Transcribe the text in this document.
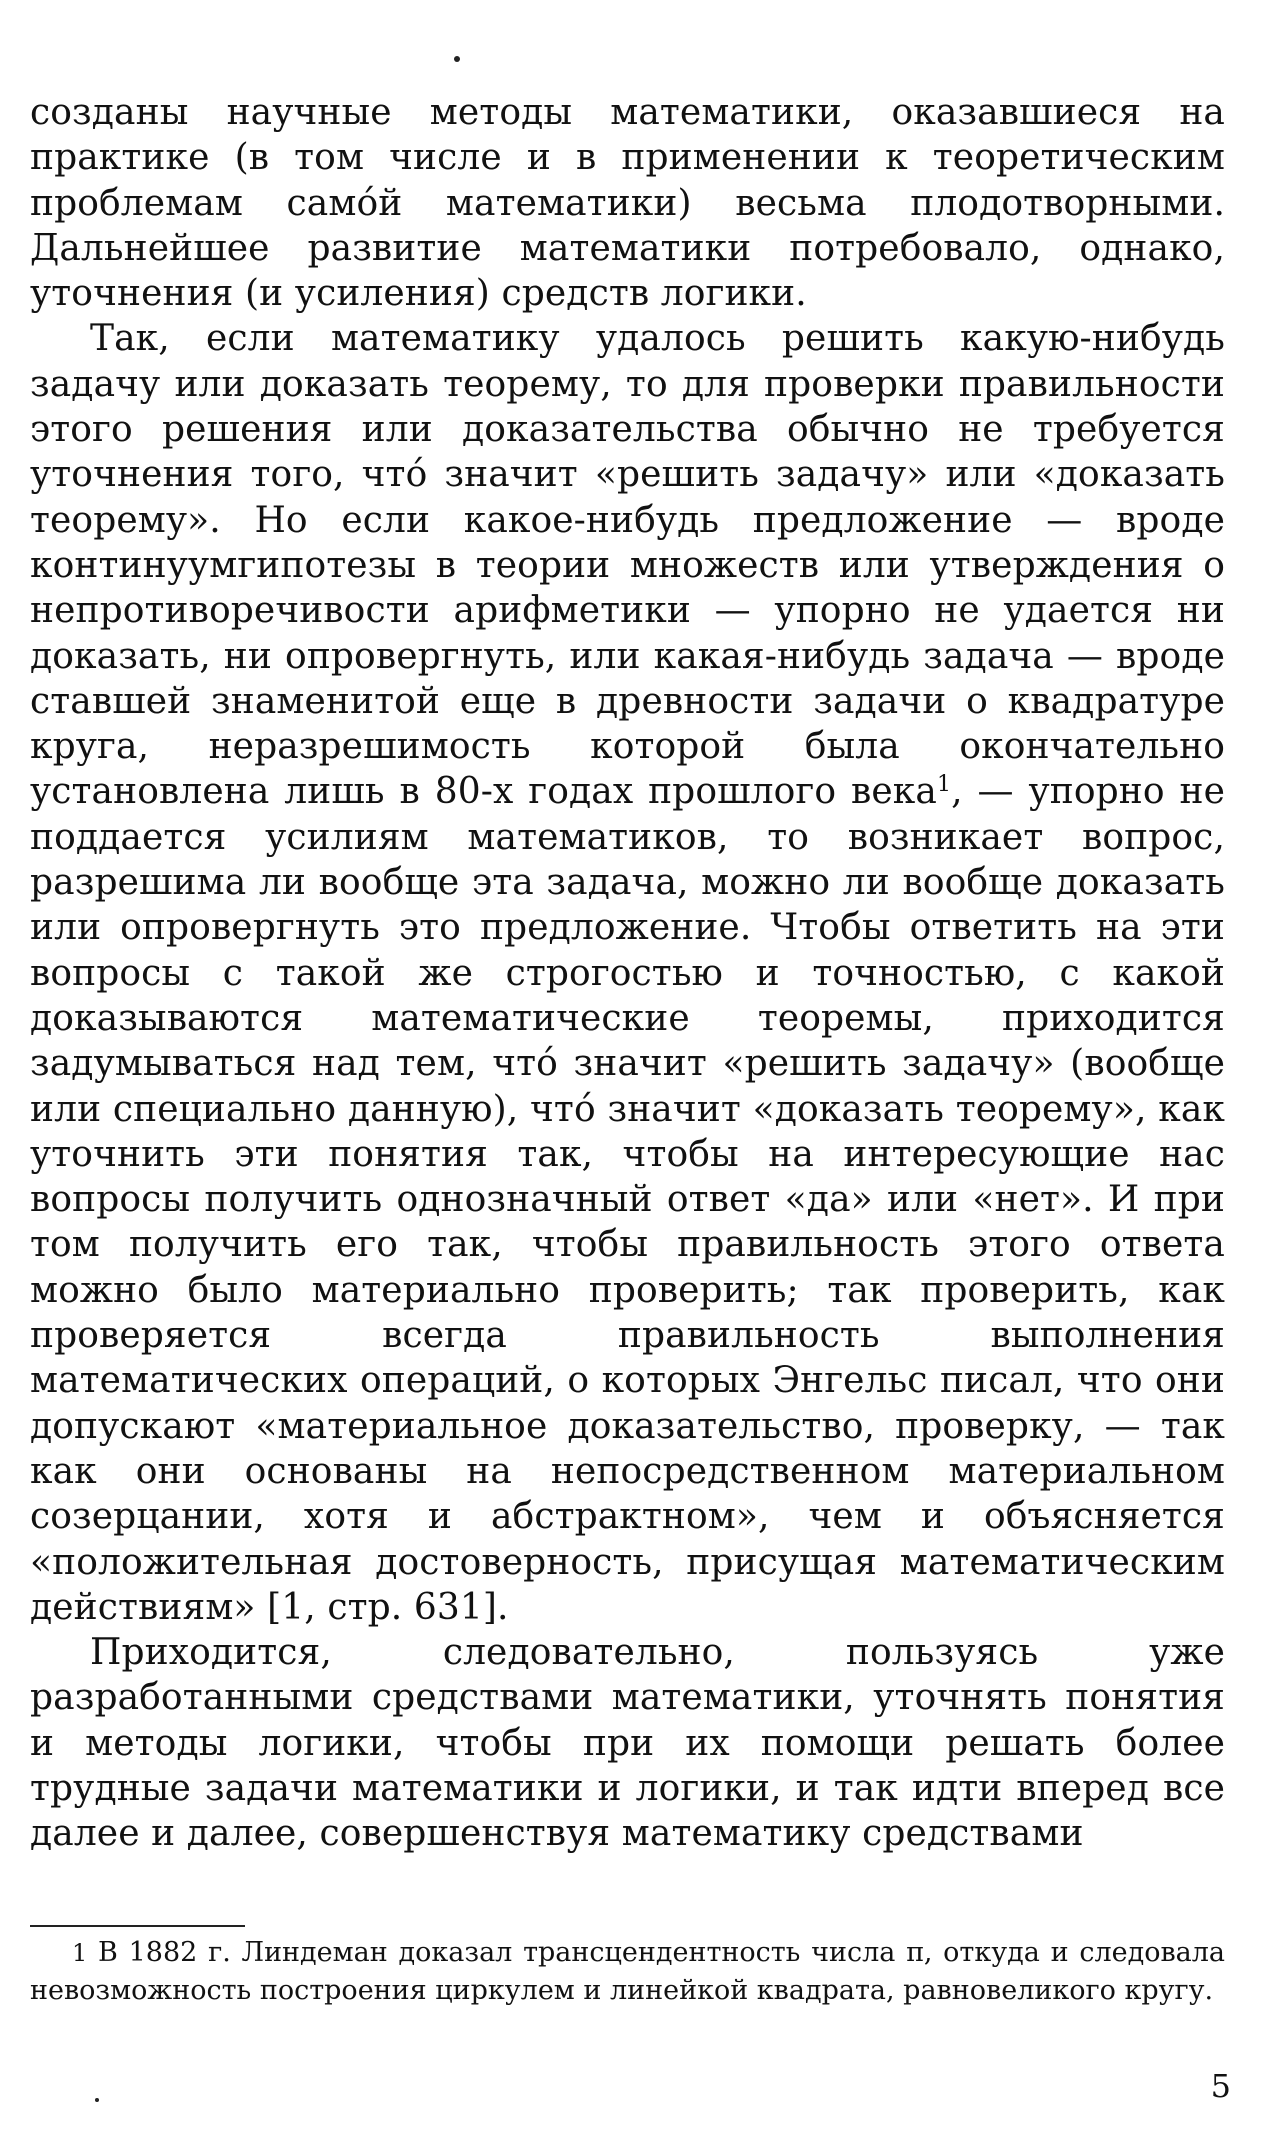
созданы научные методы математики, оказавшиеся на практике (в том числе и в применении к теоретическим проблемам самóй математики) весьма плодотворными. Дальнейшее развитие математики потребовало, однако, уточнения (и усиления) средств логики.

Так, если математику удалось решить какую-нибудь задачу или доказать теорему, то для проверки правильности этого решения или доказательства обычно не требуется уточнения того, чтó значит «решить задачу» или «доказать теорему». Но если какое-нибудь предложение — вроде континуумгипотезы в теории множеств или утверждения о непротиворечивости арифметики — упорно не удается ни доказать, ни опровергнуть, или какая-нибудь задача — вроде ставшей знаменитой еще в древности задачи о квадратуре круга, неразрешимость которой была окончательно установлена лишь в 80-х годах прошлого века$^1$, — упорно не поддается усилиям математиков, то возникает вопрос, разрешима ли вообще эта задача, можно ли вообще доказать или опровергнуть это предложение. Чтобы ответить на эти вопросы с такой же строгостью и точностью, с какой доказываются математические теоремы, приходится задумываться над тем, чтó значит «решить задачу» (вообще или специально данную), чтó значит «доказать теорему», как уточнить эти понятия так, чтобы на интересующие нас вопросы получить однозначный ответ «да» или «нет». И при том получить его так, чтобы правильность этого ответа можно было материально проверить; так проверить, как проверяется всегда правильность выполнения математических операций, о которых Энгельс писал, что они допускают «материальное доказательство, проверку, — так как они основаны на непосредственном материальном созерцании, хотя и абстрактном», чем и объясняется «положительная достоверность, присущая математическим действиям» [1, стр. 631].

Приходится, следовательно, пользуясь уже разработанными средствами математики, уточнять понятия и методы логики, чтобы при их помощи решать более трудные задачи математики и логики, и так идти вперед все далее и далее, совершенствуя математику средствами

1 В 1882 г. Линдеман доказал трансцендентность числа π, откуда и следовала невозможность построения циркулем и линейкой квадрата, равновеликого кругу.

5
